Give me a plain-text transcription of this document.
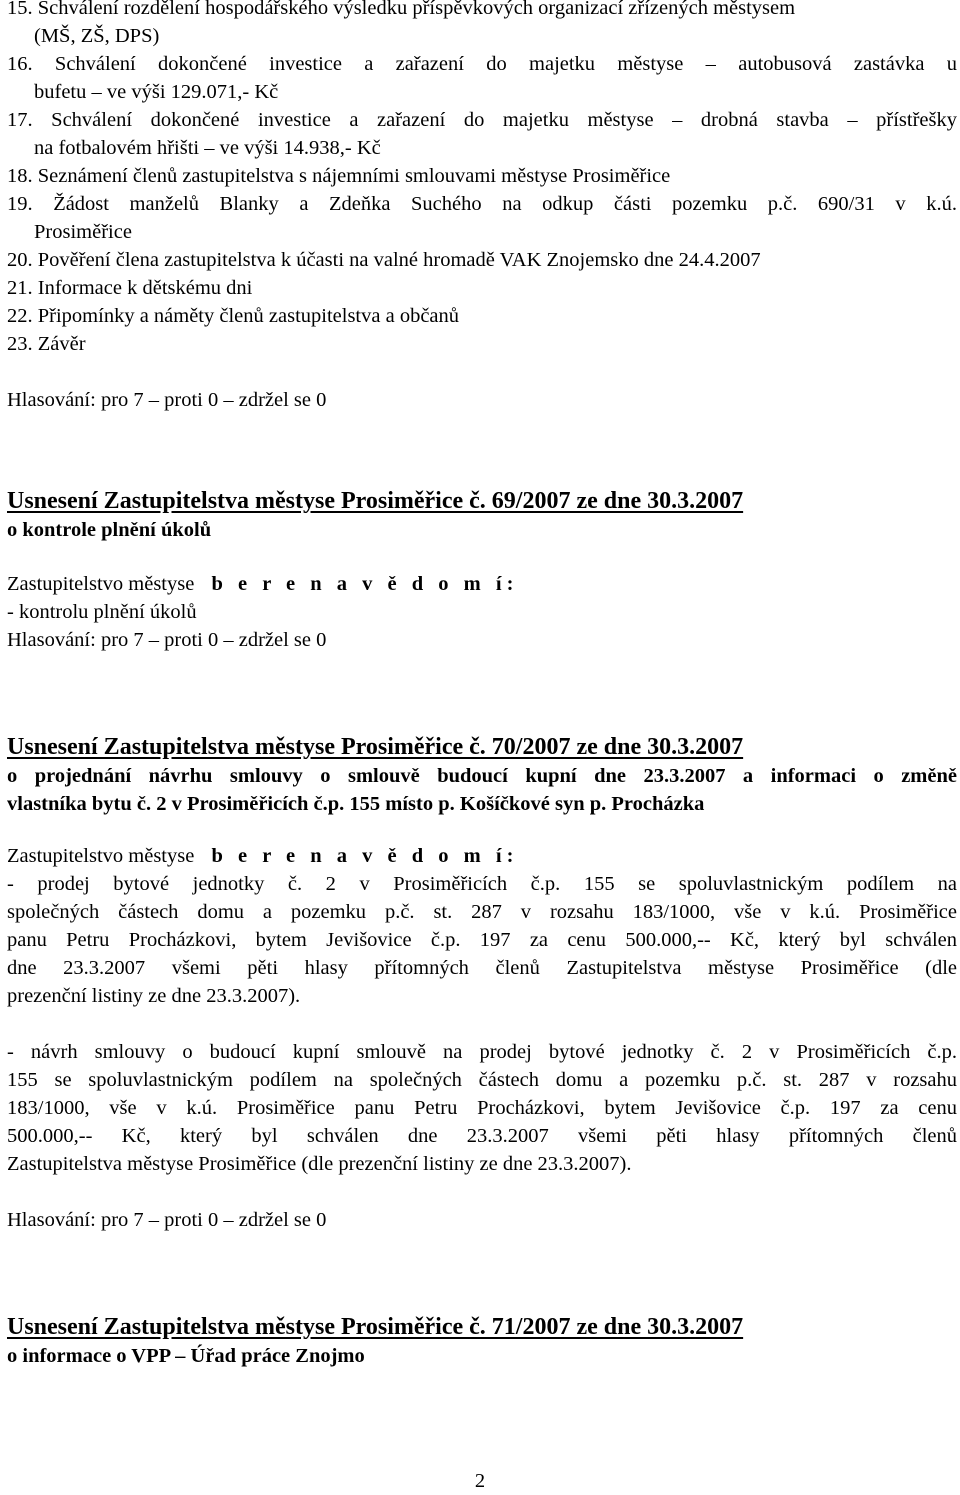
15. Schválení rozdělení hospodářského výsledku příspěvkových organizací zřízených městysem
(MŠ, ZŠ, DPS)
16. Schválení dokončené investice a zařazení do majetku městyse – autobusová zastávka u
bufetu – ve výši 129.071,- Kč
17. Schválení dokončené investice a zařazení do majetku městyse – drobná stavba – přístřešky
na fotbalovém hřišti – ve výši 14.938,- Kč
18. Seznámení členů zastupitelstva s nájemními smlouvami městyse Prosiměřice
19. Žádost manželů Blanky a Zdeňka Suchého na odkup části pozemku p.č. 690/31 v k.ú.
Prosiměřice
20. Pověření člena zastupitelstva k účasti na valné hromadě VAK Znojemsko dne 24.4.2007
21. Informace k dětskému dni
22. Připomínky a náměty členů zastupitelstva a občanů
23. Závěr
Hlasování: pro 7 – proti 0 – zdržel se 0
Usnesení Zastupitelstva městyse Prosiměřice č. 69/2007 ze dne 30.3.2007
o kontrole plnění úkolů
Zastupitelstvo městyse b e r e n a v ě d o m í:
- kontrolu plnění úkolů
Hlasování: pro 7 – proti 0 – zdržel se 0
Usnesení Zastupitelstva městyse Prosiměřice č. 70/2007 ze dne 30.3.2007
o projednání návrhu smlouvy o smlouvě budoucí kupní dne 23.3.2007 a informaci o změně
vlastníka bytu č. 2 v Prosiměřicích č.p. 155 místo p. Košíčkové syn p. Procházka
Zastupitelstvo městyse b e r e n a v ě d o m í:
- prodej bytové jednotky č. 2 v Prosiměřicích č.p. 155 se spoluvlastnickým podílem na
společných částech domu a pozemku p.č. st. 287 v rozsahu 183/1000, vše v k.ú. Prosiměřice
panu Petru Procházkovi, bytem Jevišovice č.p. 197 za cenu 500.000,-- Kč, který byl schválen
dne 23.3.2007 všemi pěti hlasy přítomných členů Zastupitelstva městyse Prosiměřice (dle
prezenční listiny ze dne 23.3.2007).
- návrh smlouvy o budoucí kupní smlouvě na prodej bytové jednotky č. 2 v Prosiměřicích č.p.
155 se spoluvlastnickým podílem na společných částech domu a pozemku p.č. st. 287 v rozsahu
183/1000, vše v k.ú. Prosiměřice panu Petru Procházkovi, bytem Jevišovice č.p. 197 za cenu
500.000,-- Kč, který byl schválen dne 23.3.2007 všemi pěti hlasy přítomných členů
Zastupitelstva městyse Prosiměřice (dle prezenční listiny ze dne 23.3.2007).
Hlasování: pro 7 – proti 0 – zdržel se 0
Usnesení Zastupitelstva městyse Prosiměřice č. 71/2007 ze dne 30.3.2007
o informace o VPP – Úřad práce Znojmo
2
